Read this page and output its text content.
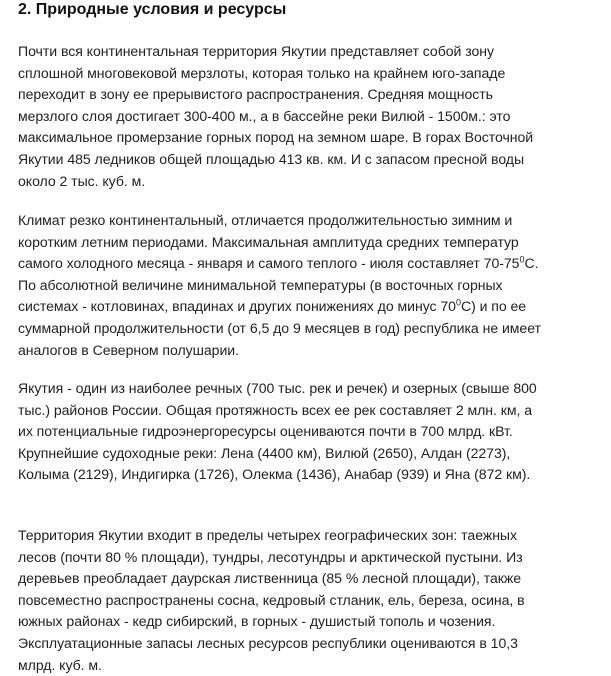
2. Природные условия и ресурсы

Почти вся континентальная территория Якутии представляет собой зону
сплошной многовековой мерзлоты, которая только на крайнем юго-западе
переходит в зону ее прерывистого распространения. Средняя мощность
мерзлого слоя достигает 300-400 м., а в бассейне реки Вилюй - 1500м.: это
максимальное промерзание горных пород на земном шаре. В горах Восточной
Якутии 485 ледников общей площадью 413 кв. км. И с запасом пресной воды
около 2 тыс. куб. м.

Климат резко континентальный, отличается продолжительностью зимним и
коротким летним периодами. Максимальная амплитуда средних температур
самого холодного месяца - января и самого теплого - июля составляет $70-75^0С$.
По абсолютной величине минимальной температуры (в восточных горных
системах - котловинах, впадинах и других понижениях до минус $70^0С$) и по ее
суммарной продолжительности (от 6,5 до 9 месяцев в год) республика не имеет
аналогов в Северном полушарии.

Якутия - один из наиболее речных (700 тыс. рек и речек) и озерных (свыше 800
тыс.) районов России. Общая протяжность всех ее рек составляет 2 млн. км, а
их потенциальные гидроэнергоресурсы оцениваются почти в 700 млрд. кВт.
Крупнейшие судоходные реки: Лена (4400 км), Вилюй (2650), Алдан (2273),
Колыма (2129), Индигирка (1726), Олекма (1436), Анабар (939) и Яна (872 км).

Территория Якутии входит в пределы четырех географических зон: таежных
лесов (почти 80 % площади), тундры, лесотундры и арктической пустыни. Из
деревьев преобладает даурская лиственница (85 % лесной площади), также
повсеместно распространены сосна, кедровый стланик, ель, береза, осина, в
южных районах - кедр сибирский, в горных - душистый тополь и чозения.
Эксплуатационные запасы лесных ресурсов республики оцениваются в 10,3
млрд. куб. м.
